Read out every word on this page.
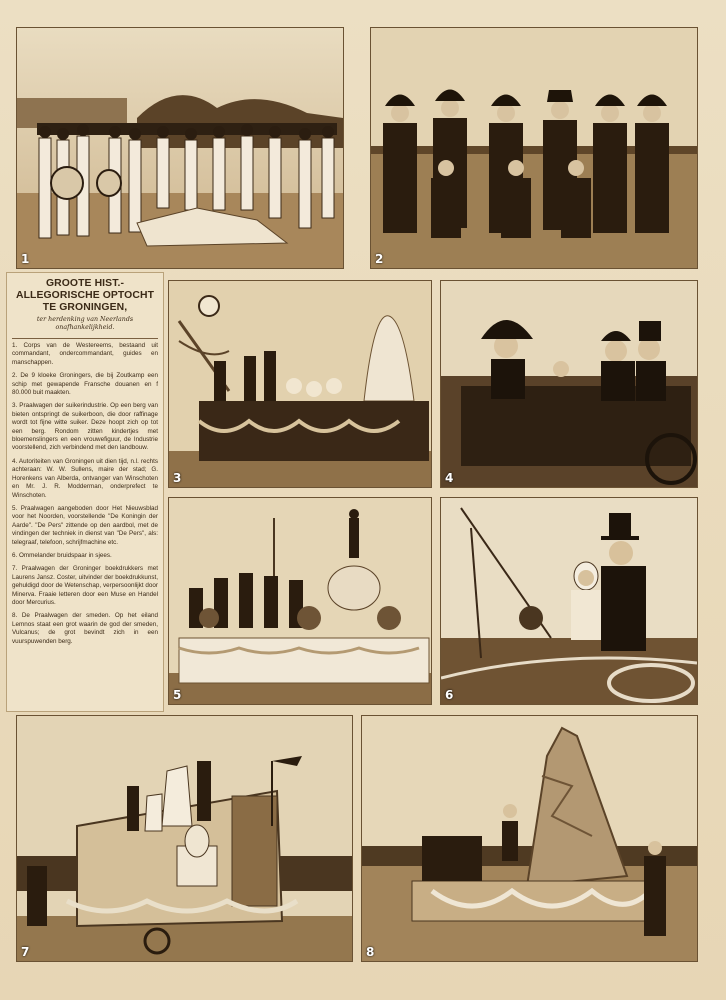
1	2
GROOTE HIST.-ALLEGORISCHE OPTOCHT TE GRONINGEN,
ter herdenking van Neerlands onafhankelijkheid.

1. Corps van de Westereems, bestaand uit commandant, ondercommandant, guides en manschappen.

2. De 9 kloeke Groningers, die bij Zoutkamp een schip met gewapende Fransche douanen en f 80.000 buit maakten.

3. Praalwagen der suikerindustrie. Op een berg van bieten ontspringt de suikerboon, die door raffinage wordt tot fijne witte suiker. Deze hoopt zich op tot een berg. Rondom zitten kindertjes met bloemenslingers en een vrouwefiguur, de Industrie voorstellend, zich verbindend met den landbouw.

4. Autoriteiten van Groningen uit dien tijd, n.l. rechts achteraan: W. W. Sullens, maire der stad; G. Horenkens van Alberda, ontvanger van Winschoten en Mr. J. R. Modderman, onderprefect te Winschoten.

5. Praalwagen aangeboden door Het Nieuwsblad voor het Noorden, voorstellende "De Koningin der Aarde". "De Pers" zittende op den aardbol, met de vindingen der techniek in dienst van "De Pers", als: telegraaf, telefoon, schrijfmachine etc.

6. Ommelander bruidspaar in sjees.

7. Praalwagen der Groninger boekdrukkers met Laurens Jansz. Coster, uitvinder der boekdrukkunst, gehuldigd door de Wetenschap, verpersoonlijkt door Minerva. Fraaie letteren door een Muse en Handel door Mercurius.

8. De Praalwagen der smeden. Op het eiland Lemnos staat een grot waarin de god der smeden, Vulcanus; de grot bevindt zich in een vuurspuwenden berg.

3	4
5	6
7	8
